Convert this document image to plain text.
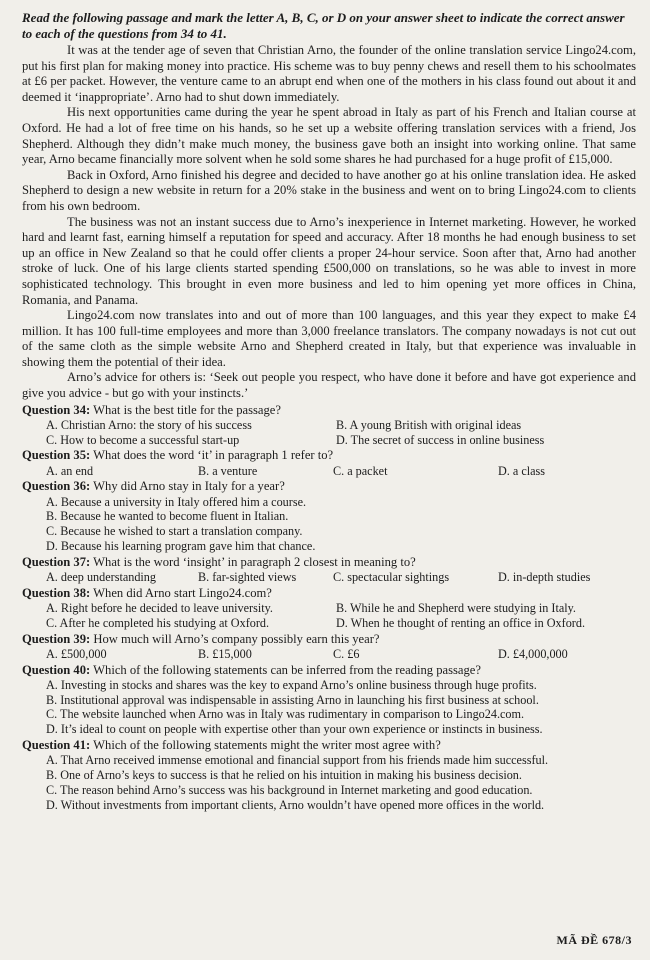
Read the following passage and mark the letter A, B, C, or D on your answer sheet to indicate the correct answer to each of the questions from 34 to 41.

It was at the tender age of seven that Christian Arno, the founder of the online translation service Lingo24.com, put his first plan for making money into practice. His scheme was to buy penny chews and resell them to his schoolmates at £6 per packet. However, the venture came to an abrupt end when one of the mothers in his class found out about it and deemed it ‘inappropriate’. Arno had to shut down immediately.

His next opportunities came during the year he spent abroad in Italy as part of his French and Italian course at Oxford. He had a lot of free time on his hands, so he set up a website offering translation services with a friend, Jos Shepherd. Although they didn’t make much money, the business gave both an insight into working online. That same year, Arno became financially more solvent when he sold some shares he had purchased for a huge profit of £15,000.

Back in Oxford, Arno finished his degree and decided to have another go at his online translation idea. He asked Shepherd to design a new website in return for a 20% stake in the business and went on to bring Lingo24.com to clients from his own bedroom.

The business was not an instant success due to Arno’s inexperience in Internet marketing. However, he worked hard and learnt fast, earning himself a reputation for speed and accuracy. After 18 months he had enough business to set up an office in New Zealand so that he could offer clients a proper 24-hour service. Soon after that, Arno had another stroke of luck. One of his large clients started spending £500,000 on translations, so he was able to invest in more sophisticated technology. This brought in even more business and led to him opening yet more offices in China, Romania, and Panama.

Lingo24.com now translates into and out of more than 100 languages, and this year they expect to make £4 million. It has 100 full-time employees and more than 3,000 freelance translators. The company nowadays is not cut out of the same cloth as the simple website Arno and Shepherd created in Italy, but that experience was invaluable in showing them the potential of their idea.

Arno’s advice for others is: ‘Seek out people you respect, who have done it before and have got experience and give you advice - but go with your instincts.’

Question 34: What is the best title for the passage?
A. Christian Arno: the story of his success	B. A young British with original ideas
C. How to become a successful start-up	D. The secret of success in online business
Question 35: What does the word ‘it’ in paragraph 1 refer to?
A. an end	B. a venture	C. a packet	D. a class
Question 36: Why did Arno stay in Italy for a year?
A. Because a university in Italy offered him a course.
B. Because he wanted to become fluent in Italian.
C. Because he wished to start a translation company.
D. Because his learning program gave him that chance.
Question 37: What is the word ‘insight’ in paragraph 2 closest in meaning to?
A. deep understanding	B. far-sighted views	C. spectacular sightings	D. in-depth studies
Question 38: When did Arno start Lingo24.com?
A. Right before he decided to leave university.	B. While he and Shepherd were studying in Italy.
C. After he completed his studying at Oxford.	D. When he thought of renting an office in Oxford.
Question 39: How much will Arno’s company possibly earn this year?
A. £500,000	B. £15,000	C. £6	D. £4,000,000
Question 40: Which of the following statements can be inferred from the reading passage?
A. Investing in stocks and shares was the key to expand Arno’s online business through huge profits.
B. Institutional approval was indispensable in assisting Arno in launching his first business at school.
C. The website launched when Arno was in Italy was rudimentary in comparison to Lingo24.com.
D. It’s ideal to count on people with expertise other than your own experience or instincts in business.
Question 41: Which of the following statements might the writer most agree with?
A. That Arno received immense emotional and financial support from his friends made him successful.
B. One of Arno’s keys to success is that he relied on his intuition in making his business decision.
C. The reason behind Arno’s success was his background in Internet marketing and good education.
D. Without investments from important clients, Arno wouldn’t have opened more offices in the world.
MÃ ĐỀ 678/3
